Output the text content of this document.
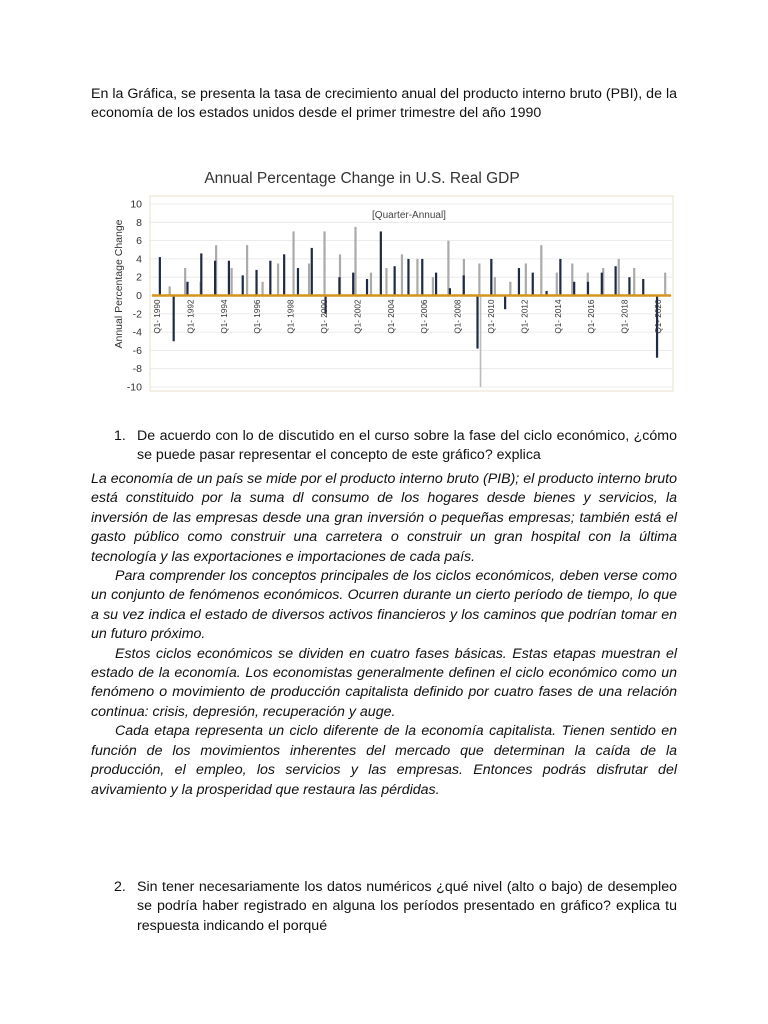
En la Gráfica, se presenta la tasa de crecimiento anual del producto interno bruto (PBI), de la economía de los estados unidos desde el primer trimestre del año 1990

Annual Percentage Change in U.S. Real GDP
[Quarter-Annual]
Annual Percentage Change
10
8
6
4
2
0
-2
-4
-6
-8
-10
Q1- 1990	Q1- 1992	Q1- 1994	Q1- 1996	Q1- 1998	Q1- 2000	Q1- 2002	Q1- 2004	Q1- 2006	Q1- 2008	Q1- 2010	Q1- 2012	Q1- 2014	Q1- 2016	Q1- 2018	Q1- 2020
1. De acuerdo con lo de discutido en el curso sobre la fase del ciclo económico, ¿cómo se puede pasar representar el concepto de este gráfico? explica

La economía de un país se mide por el producto interno bruto (PIB); el producto interno bruto está constituido por la suma dl consumo de los hogares desde bienes y servicios, la inversión de las empresas desde una gran inversión o pequeñas empresas; también está el gasto público como construir una carretera o construir un gran hospital con la última tecnología y las exportaciones e importaciones de cada país.

Para comprender los conceptos principales de los ciclos económicos, deben verse como un conjunto de fenómenos económicos. Ocurren durante un cierto período de tiempo, lo que a su vez indica el estado de diversos activos financieros y los caminos que podrían tomar en un futuro próximo.

Estos ciclos económicos se dividen en cuatro fases básicas. Estas etapas muestran el estado de la economía. Los economistas generalmente definen el ciclo económico como un fenómeno o movimiento de producción capitalista definido por cuatro fases de una relación continua: crisis, depresión, recuperación y auge.

Cada etapa representa un ciclo diferente de la economía capitalista. Tienen sentido en función de los movimientos inherentes del mercado que determinan la caída de la producción, el empleo, los servicios y las empresas. Entonces podrás disfrutar del avivamiento y la prosperidad que restaura las pérdidas.

2. Sin tener necesariamente los datos numéricos ¿qué nivel (alto o bajo) de desempleo se podría haber registrado en alguna los períodos presentado en gráfico? explica tu respuesta indicando el porqué
